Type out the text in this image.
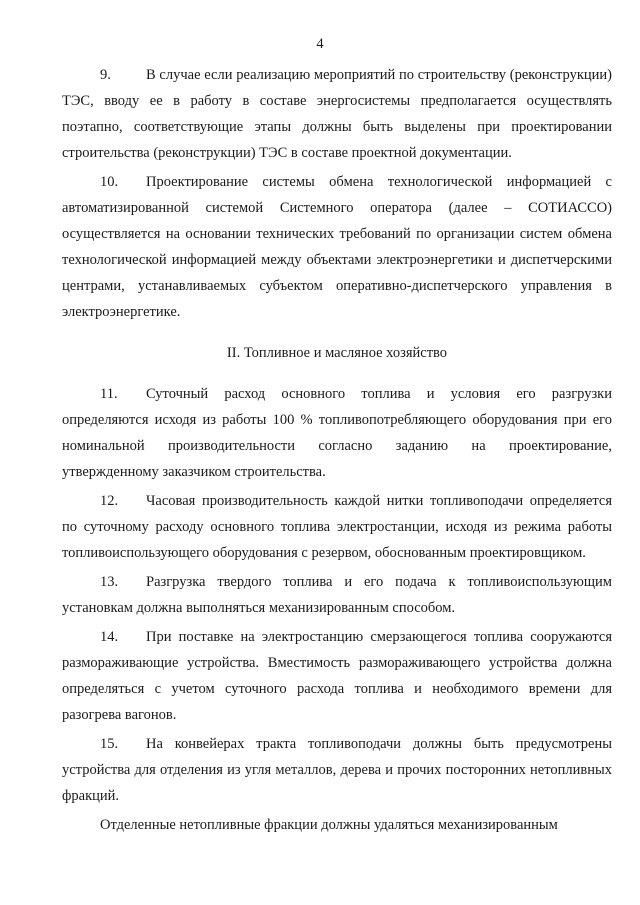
4

9. В случае если реализацию мероприятий по строительству (реконструкции) ТЭС, вводу ее в работу в составе энергосистемы предполагается осуществлять поэтапно, соответствующие этапы должны быть выделены при проектировании строительства (реконструкции) ТЭС в составе проектной документации.

10. Проектирование системы обмена технологической информацией с автоматизированной системой Системного оператора (далее – СОТИАССО) осуществляется на основании технических требований по организации систем обмена технологической информацией между объектами электроэнергетики и диспетчерскими центрами, устанавливаемых субъектом оперативно-диспетчерского управления в электроэнергетике.

II. Топливное и масляное хозяйство

11. Суточный расход основного топлива и условия его разгрузки определяются исходя из работы 100 % топливопотребляющего оборудования при его номинальной производительности согласно заданию на проектирование, утвержденному заказчиком строительства.

12. Часовая производительность каждой нитки топливоподачи определяется по суточному расходу основного топлива электростанции, исходя из режима работы топливоиспользующего оборудования с резервом, обоснованным проектировщиком.

13. Разгрузка твердого топлива и его подача к топливоиспользующим установкам должна выполняться механизированным способом.

14. При поставке на электростанцию смерзающегося топлива сооружаются размораживающие устройства. Вместимость размораживающего устройства должна определяться с учетом суточного расхода топлива и необходимого времени для разогрева вагонов.

15. На конвейерах тракта топливоподачи должны быть предусмотрены устройства для отделения из угля металлов, дерева и прочих посторонних нетопливных фракций.

Отделенные нетопливные фракции должны удаляться механизированным
